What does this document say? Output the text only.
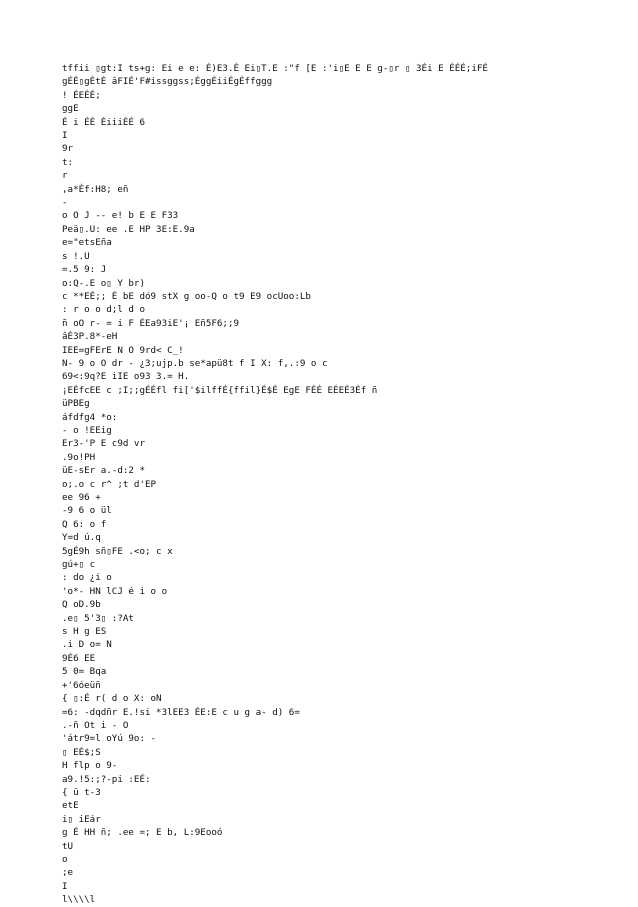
tffii ▯gt:I ts+g: Ei e e: É)E3.É Ei▯T.E :"f [E :'i▯E E E g-▯r ▯ 3Éi E ÉÉÉ;iFÉ
gÉÉ▯gÉtÉ âFIÉ'F#issggss;ÉggÉiiÉgÉffggg
! ÉEÉÉ;
ggE
É i ÉÉ ÉiiiÉÉ 6
I
9r
t:
r
,a*Éf:H8; eñ
-
o O J -- e! b E E F33
Peä▯.U: ee .E HP 3E:E.9a
e="etsEña
s !.U
=.5 9: J
o:Q-.E o▯ Y br)
c **EÉ;; É bE dó9 stX g oo-Q o t9 E9 ocUoo:Lb
: r o o d;l d o
ñ oO r- = i F ÉEa93iE'¡ Eñ5F6;;9
âÉ3P.8*-eH
IEE=gFErE N O 9rd< C_!
N- 9 o O dr - ¿3;ujp.b se*apü8t f I X: f,.:9 o c
69<:9q?E iIE o93 3.= H.
¡EÉfcEE c ;I;;gÉÉfl fi['$ilffÉ{ffil}É$É EgE FÉÉ EÉEÉ3Éf ñ
üPBEg
áfdfg4 *o:
- o !EEig
Er3-'P E c9d vr
.9o!PH
üE-sEr a.-d:2 *
o;.o c r^ ;t d'EP
ee 96 +
-9 6 o ül
Q 6: o f
Y=d ú.q
5gÉ9h sñ▯FE .<o; c x
gú+▯ c
: do ¿i o
'o*- HN lCJ é i o o
Q oD.9b
.e▯ 5'3▯ :?At
s H g ES
.i D o= N
9É6 EE
5 0= Bqa
+'6óeüñ
{ ▯:É r( d o X: oN
=6: -dqdñr E.!si *3lEE3 ÉE:E c u g a- d) 6=
.-ñ Ot i - O
'átr9=l oYú 9o: -
▯ EÉ$;S
H flp o 9-
a9.!5:;?-pi :EÉ:
{ ü t-3
etE
i▯ iEár
g É HH ñ; .ee =; E b, L:9Eooó
tU
o
;e
I
l\\\\l
